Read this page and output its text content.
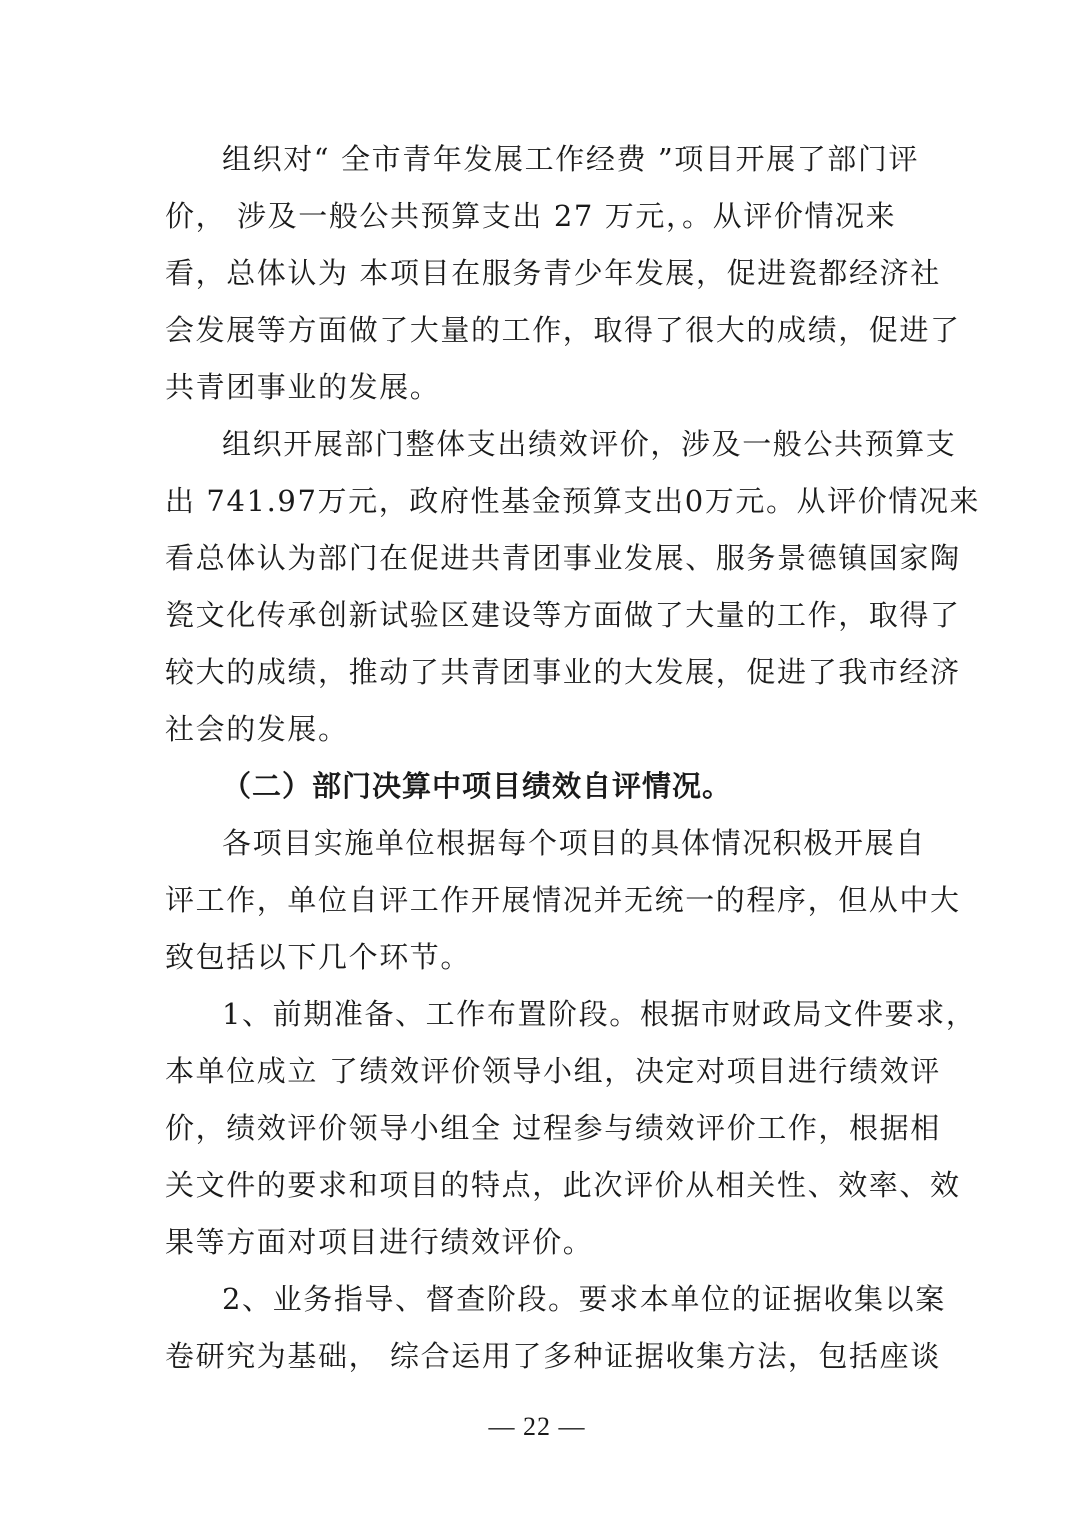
组织对“ 全市青年发展工作经费 ”项目开展了部门评
价， 涉及一般公共预算支出 27 万元，。从评价情况来
看，总体认为 本项目在服务青少年发展，促进瓷都经济社
会发展等方面做了大量的工作，取得了很大的成绩，促进了
共青团事业的发展。
组织开展部门整体支出绩效评价，涉及一般公共预算支
出 741.97万元，政府性基金预算支出0万元。从评价情况来
看总体认为部门在促进共青团事业发展、服务景德镇国家陶
瓷文化传承创新试验区建设等方面做了大量的工作，取得了
较大的成绩，推动了共青团事业的大发展，促进了我市经济
社会的发展。
（二）部门决算中项目绩效自评情况。
各项目实施单位根据每个项目的具体情况积极开展自
评工作，单位自评工作开展情况并无统一的程序，但从中大
致包括以下几个环节。
1、前期准备、工作布置阶段。根据市财政局文件要求，
本单位成立 了绩效评价领导小组，决定对项目进行绩效评
价，绩效评价领导小组全 过程参与绩效评价工作，根据相
关文件的要求和项目的特点，此次评价从相关性、效率、效
果等方面对项目进行绩效评价。
2、业务指导、督查阶段。要求本单位的证据收集以案
卷研究为基础， 综合运用了多种证据收集方法，包括座谈
— 22 —
